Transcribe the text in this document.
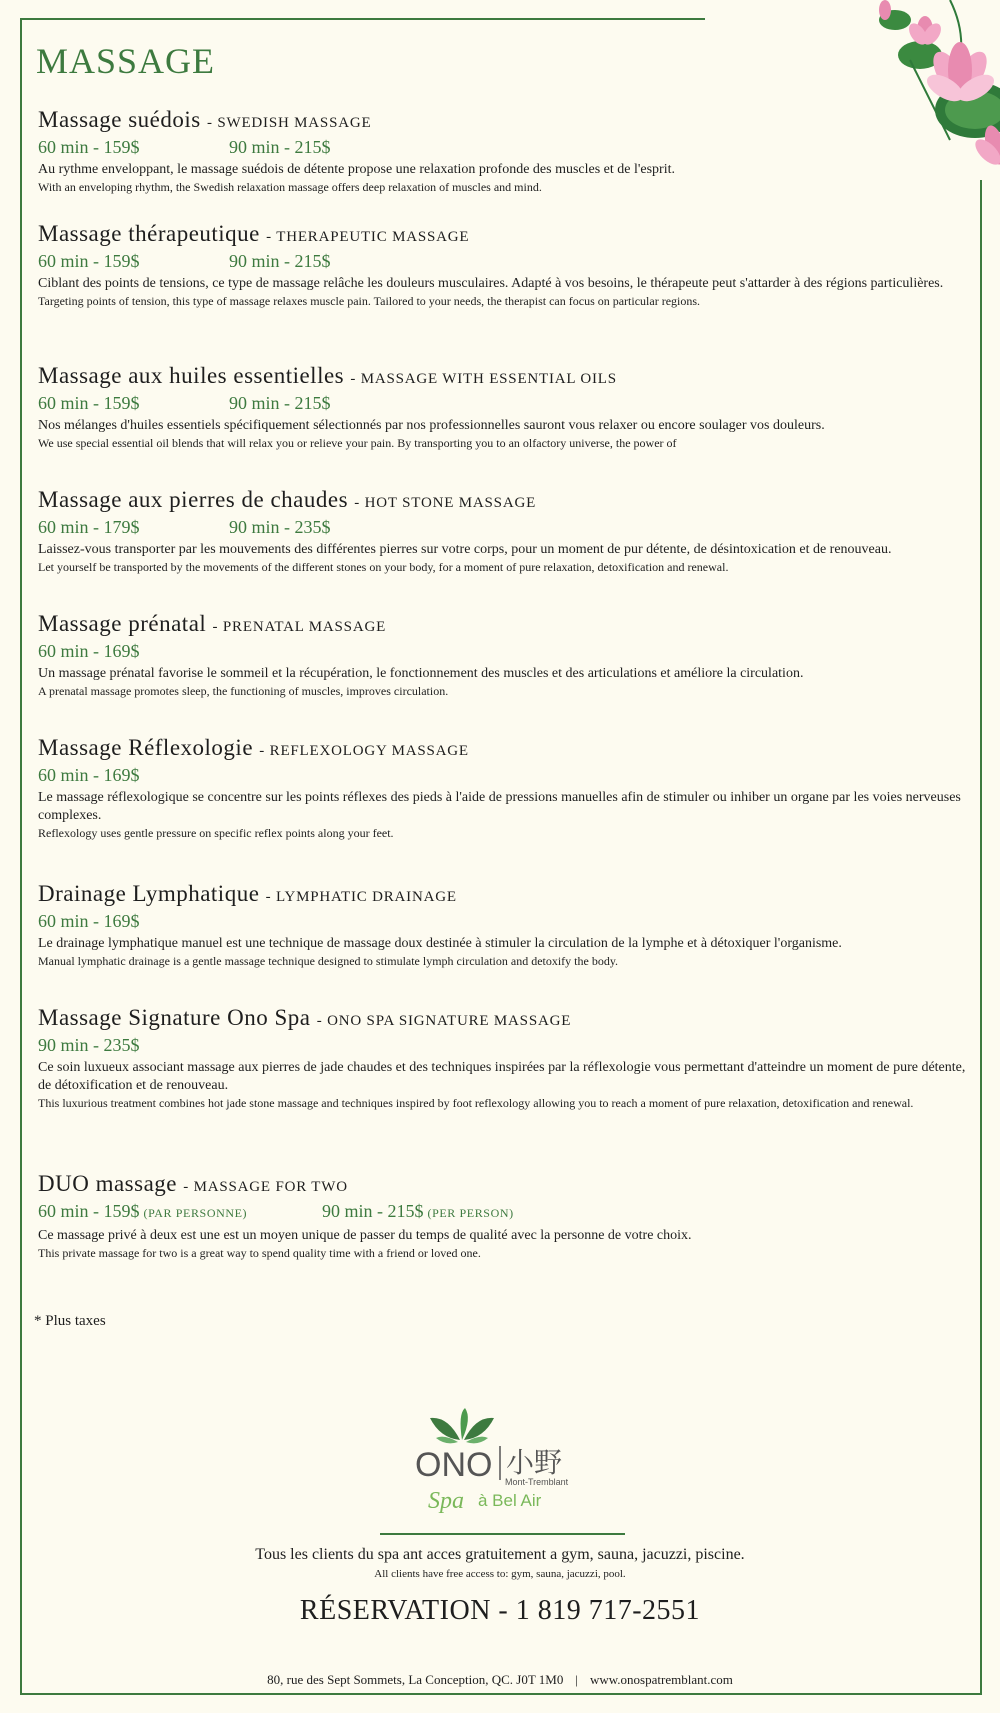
MASSAGE
Massage suédois - SWEDISH MASSAGE
60 min - 159$	90 min - 215$
Au rythme enveloppant, le massage suédois de détente propose une relaxation profonde des muscles et de l'esprit.
With an enveloping rhythm, the Swedish relaxation massage offers deep relaxation of muscles and mind.
Massage thérapeutique - THERAPEUTIC MASSAGE
60 min - 159$	90 min - 215$
Ciblant des points de tensions, ce type de massage relâche les douleurs musculaires. Adapté à vos besoins, le thérapeute peut s'attarder à des régions particulières.
Targeting points of tension, this type of massage relaxes muscle pain. Tailored to your needs, the therapist can focus on particular regions.
Massage aux huiles essentielles - MASSAGE WITH ESSENTIAL OILS
60 min - 159$	90 min - 215$
Nos mélanges d'huiles essentiels spécifiquement sélectionnés par nos professionnelles sauront vous relaxer ou encore soulager vos douleurs.
We use special essential oil blends that will relax you or relieve your pain. By transporting you to an olfactory universe, the power of
Massage aux pierres de chaudes - HOT STONE MASSAGE
60 min - 179$	90 min - 235$
Laissez-vous transporter par les mouvements des différentes pierres sur votre corps, pour un moment de pur détente, de désintoxication et de renouveau.
Let yourself be transported by the movements of the different stones on your body, for a moment of pure relaxation, detoxification and renewal.
Massage prénatal - PRENATAL MASSAGE
60 min - 169$
Un massage prénatal favorise le sommeil et la récupération, le fonctionnement des muscles et des articulations et améliore la circulation.
A prenatal massage promotes sleep, the functioning of muscles, improves circulation.
Massage Réflexologie - REFLEXOLOGY MASSAGE
60 min - 169$
Le massage réflexologique se concentre sur les points réflexes des pieds à l'aide de pressions manuelles afin de stimuler ou inhiber un organe par les voies nerveuses complexes.
Reflexology uses gentle pressure on specific reflex points along your feet.
Drainage Lymphatique - LYMPHATIC DRAINAGE
60 min - 169$
Le drainage lymphatique manuel est une technique de massage doux destinée à stimuler la circulation de la lymphe et à détoxiquer l'organisme.
Manual lymphatic drainage is a gentle massage technique designed to stimulate lymph circulation and detoxify the body.
Massage Signature Ono Spa - ONO SPA SIGNATURE MASSAGE
90 min - 235$
Ce soin luxueux associant massage aux pierres de jade chaudes et des techniques inspirées par la réflexologie vous permettant d'atteindre un moment de pure détente, de détoxification et de renouveau.
This luxurious treatment combines hot jade stone massage and techniques inspired by foot reflexology allowing you to reach a moment of pure relaxation, detoxification and renewal.
DUO massage - MASSAGE FOR TWO
60 min - 159$ (PAR PERSONNE)	90 min - 215$ (PER PERSON)
Ce massage privé à deux est une est un moyen unique de passer du temps de qualité avec la personne de votre choix.
This private massage for two is a great way to spend quality time with a friend or loved one.
* Plus taxes
ONO 小野
Mont-Tremblant
Spa à Bel Air
Tous les clients du spa ant acces gratuitement a gym, sauna, jacuzzi, piscine.
All clients have free access to: gym, sauna, jacuzzi, pool.
RÉSERVATION - 1 819 717-2551
80, rue des Sept Sommets, La Conception, QC. J0T 1M0 | www.onospatremblant.com
